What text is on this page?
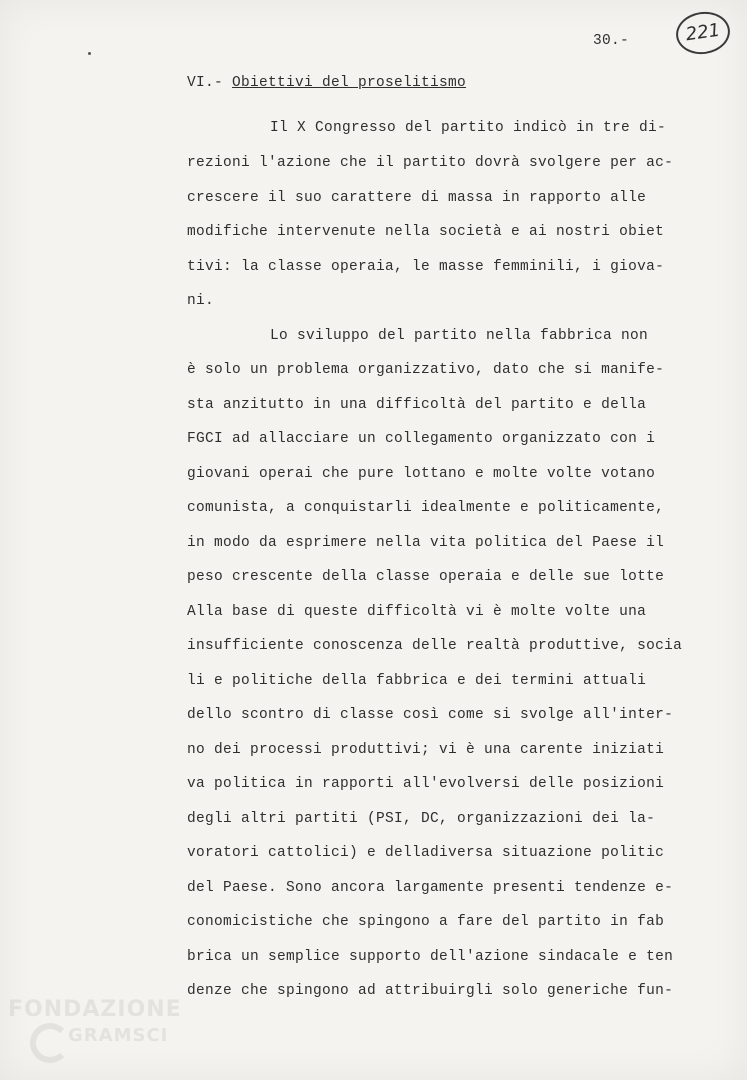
30.-	221
VI.- Obiettivi del proselitismo
Il X Congresso del partito indicò in tre di-
rezioni l'azione che il partito dovrà svolgere per ac-
crescere il suo carattere di massa in rapporto alle
modifiche intervenute nella società e ai nostri obiet
tivi: la classe operaia, le masse femminili, i giova-
ni.
Lo sviluppo del partito nella fabbrica non
è solo un problema organizzativo, dato che si manife-
sta anzitutto in una difficoltà del partito e della
FGCI ad allacciare un collegamento organizzato con i
giovani operai che pure lottano e molte volte votano
comunista, a conquistarli idealmente e politicamente,
in modo da esprimere nella vita politica del Paese il
peso crescente della classe operaia e delle sue lotte
Alla base di queste difficoltà vi è molte volte una
insufficiente conoscenza delle realtà produttive, socia
li e politiche della fabbrica e dei termini attuali
dello scontro di classe così come si svolge all'inter-
no dei processi produttivi; vi è una carente iniziati
va politica in rapporti all'evolversi delle posizioni
degli altri partiti (PSI, DC, organizzazioni dei la-
voratori cattolici) e delladiversa situazione politic
del Paese. Sono ancora largamente presenti tendenze e-
conomicistiche che spingono a fare del partito in fab
brica un semplice supporto dell'azione sindacale e ten
denze che spingono ad attribuirgli solo generiche fun-
FONDAZIONE
GRAMSCI
